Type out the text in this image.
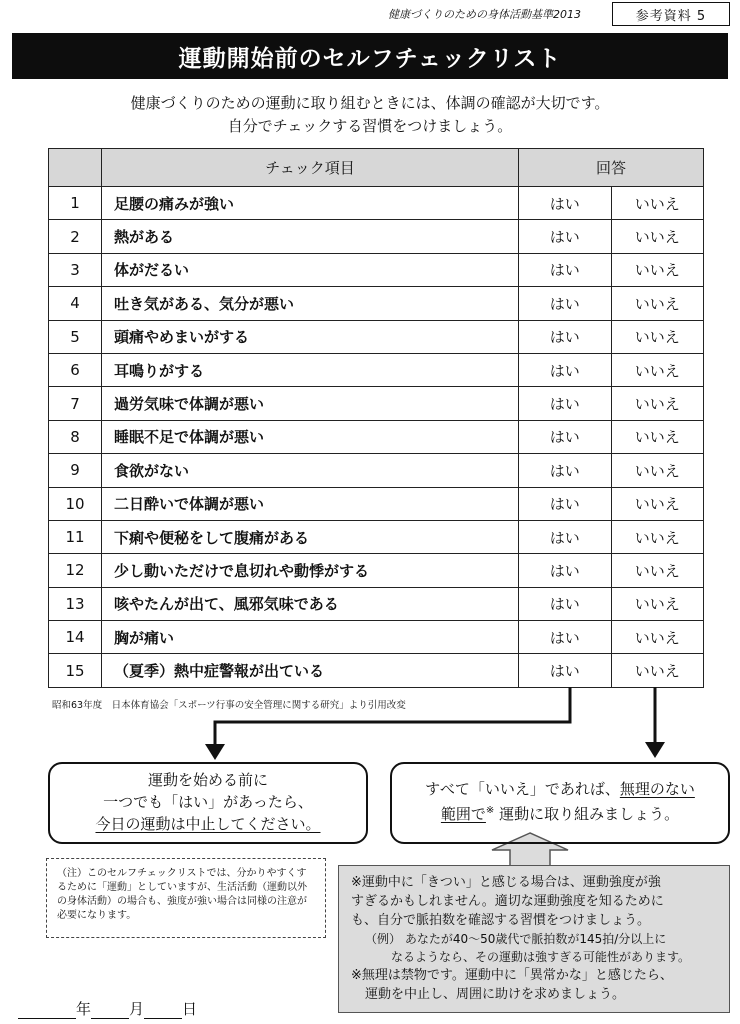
健康づくりのための身体活動基準2013	参考資料 5
運動開始前のセルフチェックリスト
健康づくりのための運動に取り組むときには、体調の確認が大切です。
自分でチェックする習慣をつけましょう。
	チェック項目	回答	
1	足腰の痛みが強い	はい	いいえ
2	熱がある	はい	いいえ
3	体がだるい	はい	いいえ
4	吐き気がある、気分が悪い	はい	いいえ
5	頭痛やめまいがする	はい	いいえ
6	耳鳴りがする	はい	いいえ
7	過労気味で体調が悪い	はい	いいえ
8	睡眠不足で体調が悪い	はい	いいえ
9	食欲がない	はい	いいえ
10	二日酔いで体調が悪い	はい	いいえ
11	下痢や便秘をして腹痛がある	はい	いいえ
12	少し動いただけで息切れや動悸がする	はい	いいえ
13	咳やたんが出て、風邪気味である	はい	いいえ
14	胸が痛い	はい	いいえ
15	（夏季）熱中症警報が出ている	はい	いいえ
昭和63年度　日本体育協会「スポーツ行事の安全管理に関する研究」より引用改変
運動を始める前に
一つでも「はい」があったら、
今日の運動は中止してください。
すべて「いいえ」であれば、無理のない
範囲で※ 運動に取り組みましょう。
（注）このセルフチェックリストでは、分かりやすくするために「運動」としていますが、生活活動（運動以外の身体活動）の場合も、強度が強い場合は同様の注意が必要になります。
※運動中に「きつい」と感じる場合は、運動強度が強
すぎるかもしれません。適切な運動強度を知るために
も、自分で脈拍数を確認する習慣をつけましょう。
（例） あなたが40～50歳代で脈拍数が145拍/分以上に
なるようなら、その運動は強すぎる可能性があります。
※無理は禁物です。運動中に「異常かな」と感じたら、
運動を中止し、周囲に助けを求めましょう。
年	月	日
